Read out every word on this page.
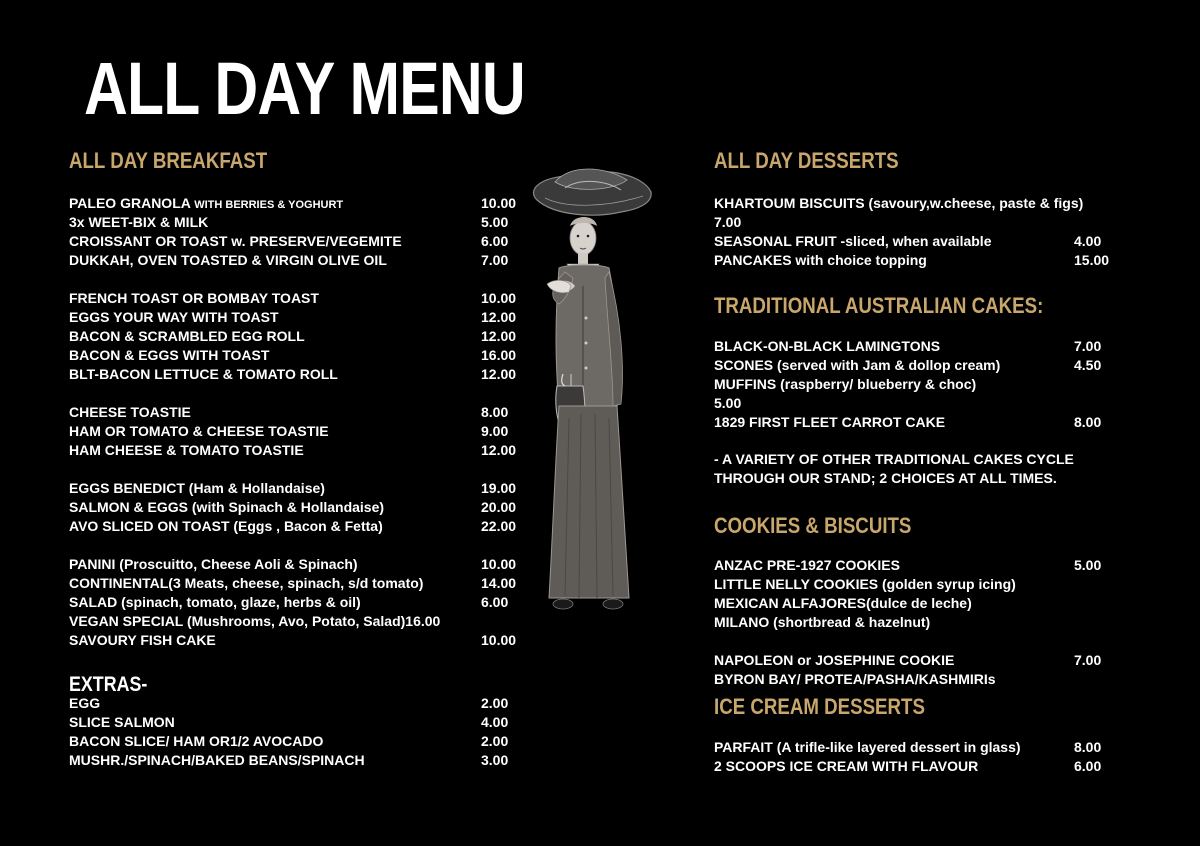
ALL DAY MENU
ALL DAY BREAKFAST
PALEO GRANOLA WITH BERRIES & YOGHURT	10.00
3x WEET-BIX & MILK	5.00
CROISSANT OR TOAST w. PRESERVE/VEGEMITE	6.00
DUKKAH, OVEN TOASTED & VIRGIN OLIVE OIL	7.00
FRENCH TOAST OR BOMBAY TOAST	10.00
EGGS YOUR WAY WITH TOAST	12.00
BACON & SCRAMBLED EGG ROLL	12.00
BACON & EGGS WITH TOAST	16.00
BLT-BACON LETTUCE & TOMATO ROLL	12.00
CHEESE TOASTIE	8.00
HAM OR TOMATO & CHEESE TOASTIE	9.00
HAM CHEESE & TOMATO TOASTIE	12.00
EGGS BENEDICT (Ham & Hollandaise)	19.00
SALMON & EGGS (with Spinach & Hollandaise)	20.00
AVO SLICED ON TOAST (Eggs , Bacon & Fetta)	22.00
PANINI (Proscuitto, Cheese Aoli & Spinach)	10.00
CONTINENTAL(3 Meats, cheese, spinach, s/d tomato)	14.00
SALAD (spinach, tomato, glaze, herbs & oil)	6.00
VEGAN SPECIAL (Mushrooms, Avo, Potato, Salad)16.00
SAVOURY FISH CAKE	10.00
EXTRAS-
EGG	2.00
SLICE SALMON	4.00
BACON SLICE/ HAM OR1/2 AVOCADO	2.00
MUSHR./SPINACH/BAKED BEANS/SPINACH	3.00
ALL DAY DESSERTS
KHARTOUM BISCUITS (savoury,w.cheese, paste & figs)
7.00
SEASONAL FRUIT -sliced, when available	4.00
PANCAKES with choice topping	15.00
TRADITIONAL AUSTRALIAN CAKES:
BLACK-ON-BLACK LAMINGTONS	7.00
SCONES (served with Jam & dollop cream)	4.50
MUFFINS (raspberry/ blueberry & choc)
5.00
1829 FIRST FLEET CARROT CAKE	8.00
- A VARIETY OF OTHER TRADITIONAL CAKES CYCLE
THROUGH OUR STAND; 2 CHOICES AT ALL TIMES.
COOKIES & BISCUITS
ANZAC PRE-1927 COOKIES	5.00
LITTLE NELLY COOKIES (golden syrup icing)
MEXICAN ALFAJORES(dulce de leche)
MILANO (shortbread & hazelnut)
NAPOLEON or JOSEPHINE COOKIE	7.00
BYRON BAY/ PROTEA/PASHA/KASHMIRIs
ICE CREAM DESSERTS
PARFAIT (A trifle-like layered dessert in glass)	8.00
2 SCOOPS ICE CREAM WITH FLAVOUR	6.00
